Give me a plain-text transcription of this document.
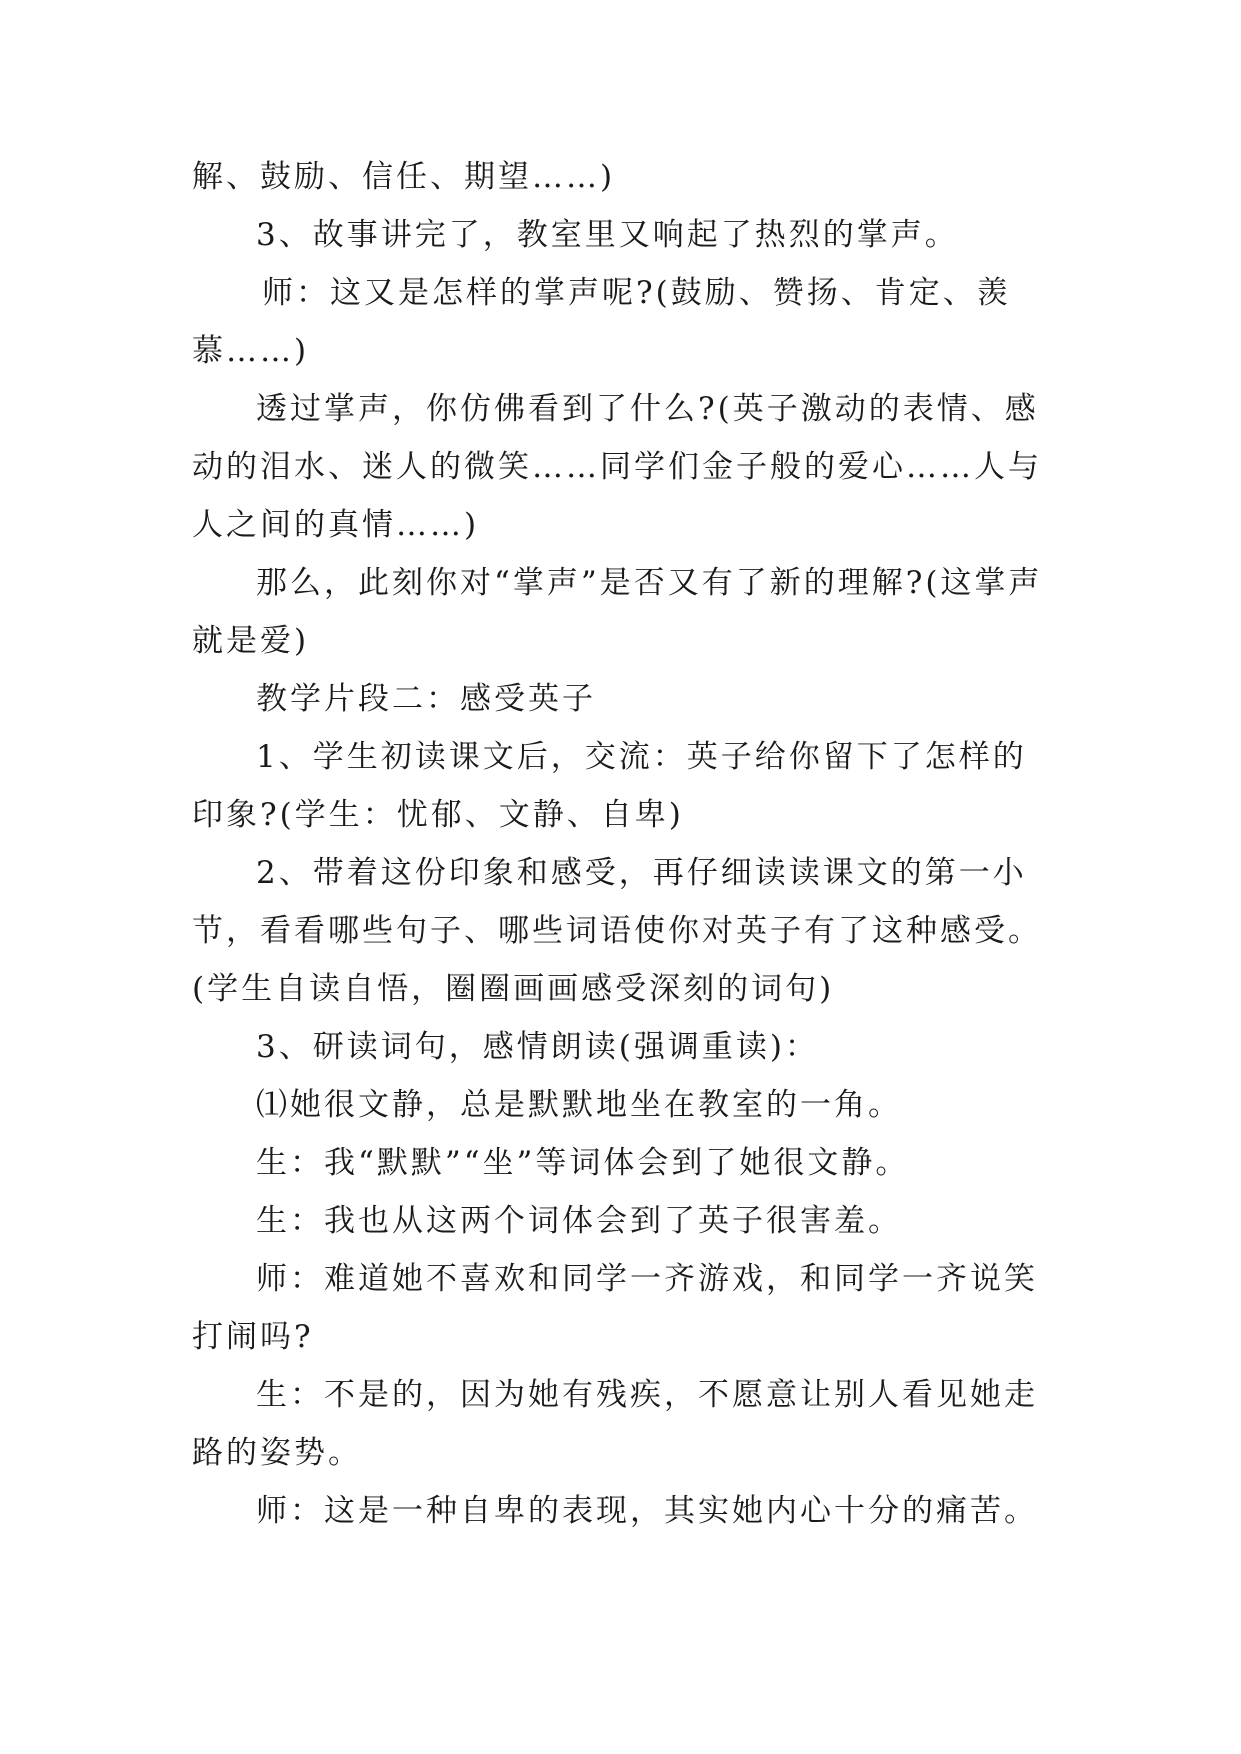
解、鼓励、信任、期望……)

3、故事讲完了，教室里又响起了热烈的掌声。

师：这又是怎样的掌声呢?(鼓励、赞扬、肯定、羡慕……)

透过掌声，你仿佛看到了什么?(英子激动的表情、感动的泪水、迷人的微笑……同学们金子般的爱心……人与人之间的真情……)

那么，此刻你对“掌声”是否又有了新的理解?(这掌声就是爱)

教学片段二：感受英子

1、学生初读课文后，交流：英子给你留下了怎样的印象?(学生：忧郁、文静、自卑)

2、带着这份印象和感受，再仔细读读课文的第一小节，看看哪些句子、哪些词语使你对英子有了这种感受。(学生自读自悟，圈圈画画感受深刻的词句)

3、研读词句，感情朗读(强调重读)：

⑴她很文静，总是默默地坐在教室的一角。

生：我“默默”“坐”等词体会到了她很文静。

生：我也从这两个词体会到了英子很害羞。

师：难道她不喜欢和同学一齐游戏，和同学一齐说笑打闹吗?

生：不是的，因为她有残疾，不愿意让别人看见她走路的姿势。

师：这是一种自卑的表现，其实她内心十分的痛苦。
